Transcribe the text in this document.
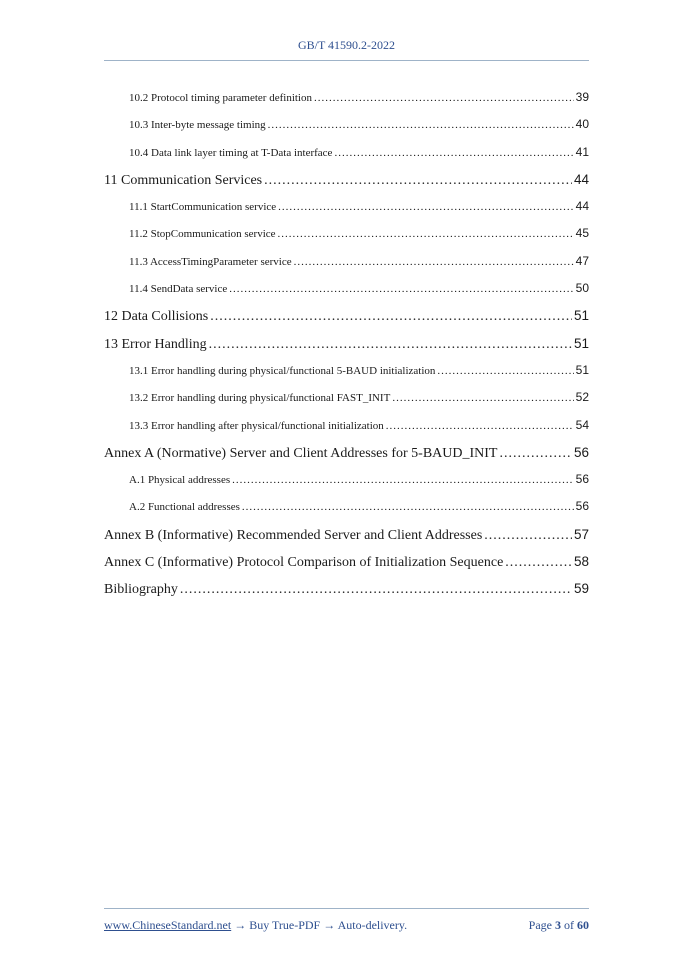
GB/T 41590.2-2022
10.2 Protocol timing parameter definition .....	39
10.3 Inter-byte message timing .....	40
10.4 Data link layer timing at T-Data interface .....	41
11 Communication Services .....	44
11.1 StartCommunication service .....	44
11.2 StopCommunication service .....	45
11.3 AccessTimingParameter service .....	47
11.4 SendData service .....	50
12 Data Collisions .....	51
13 Error Handling .....	51
13.1 Error handling during physical/functional 5-BAUD initialization .....	51
13.2 Error handling during physical/functional FAST_INIT .....	52
13.3 Error handling after physical/functional initialization .....	54
Annex A (Normative) Server and Client Addresses for 5-BAUD_INIT .....	56
A.1 Physical addresses .....	56
A.2 Functional addresses .....	56
Annex B (Informative) Recommended Server and Client Addresses .....	57
Annex C (Informative) Protocol Comparison of Initialization Sequence .....	58
Bibliography .....	59
www.ChineseStandard.net → Buy True-PDF → Auto-delivery.	Page 3 of 60
